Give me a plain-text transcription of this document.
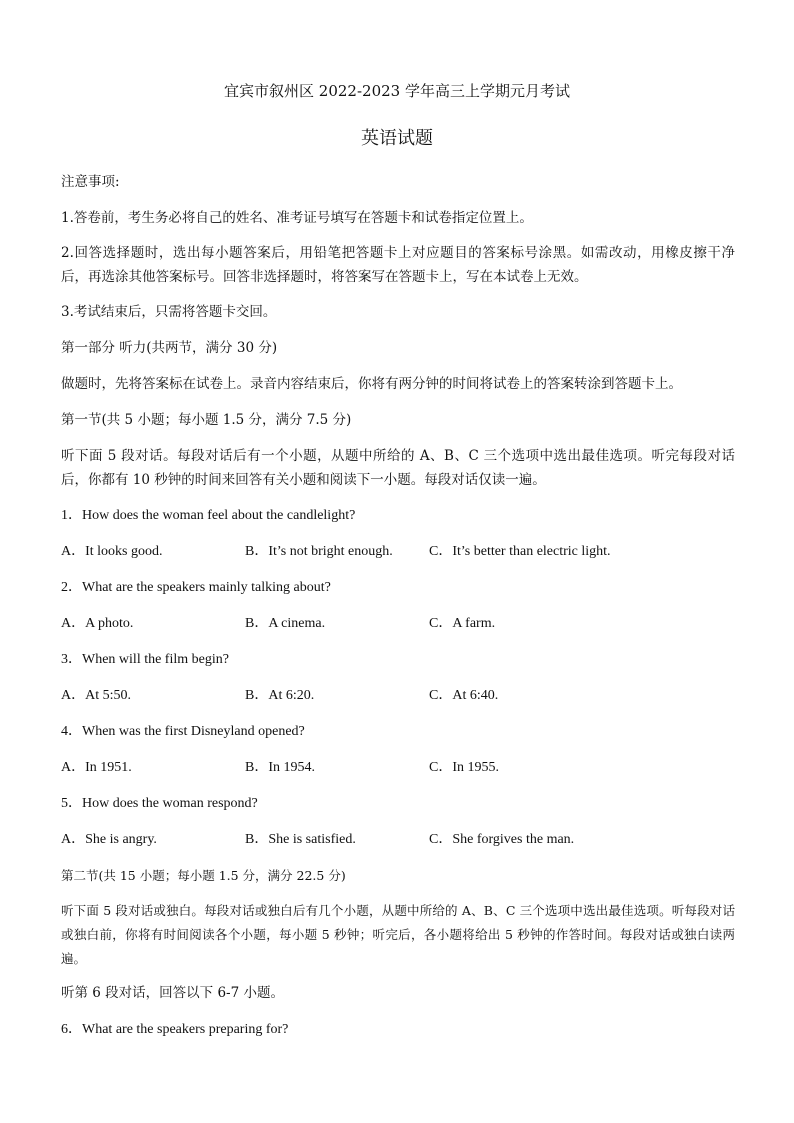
宜宾市叙州区 2022-2023 学年高三上学期元月考试
英语试题
注意事项:
1.答卷前，考生务必将自己的姓名、准考证号填写在答题卡和试卷指定位置上。
2.回答选择题时，选出每小题答案后，用铅笔把答题卡上对应题目的答案标号涂黑。如需改动，用橡皮擦干净后，再选涂其他答案标号。回答非选择题时，将答案写在答题卡上，写在本试卷上无效。
3.考试结束后，只需将答题卡交回。
第一部分 听力(共两节，满分 30 分)
做题时，先将答案标在试卷上。录音内容结束后，你将有两分钟的时间将试卷上的答案转涂到答题卡上。
第一节(共 5 小题；每小题 1.5 分，满分 7.5 分)
听下面 5 段对话。每段对话后有一个小题，从题中所给的 A、B、C 三个选项中选出最佳选项。听完每段对话后，你都有 10 秒钟的时间来回答有关小题和阅读下一小题。每段对话仅读一遍。
1．How does the woman feel about the candlelight?
A．It looks good.	B．It’s not bright enough.	C．It’s better than electric light.
2．What are the speakers mainly talking about?
A．A photo.	B．A cinema.	C．A farm.
3．When will the film begin?
A．At 5:50.	B．At 6:20.	C．At 6:40.
4．When was the first Disneyland opened?
A．In 1951.	B．In 1954.	C．In 1955.
5．How does the woman respond?
A．She is angry.	B．She is satisfied.	C．She forgives the man.
第二节(共 15 小题；每小题 1.5 分，满分 22.5 分)
听下面 5 段对话或独白。每段对话或独白后有几个小题，从题中所给的 A、B、C 三个选项中选出最佳选项。听每段对话或独白前，你将有时间阅读各个小题，每小题 5 秒钟；听完后，各小题将给出 5 秒钟的作答时间。每段对话或独白读两遍。
听第 6 段对话，回答以下 6-7 小题。
6．What are the speakers preparing for?
